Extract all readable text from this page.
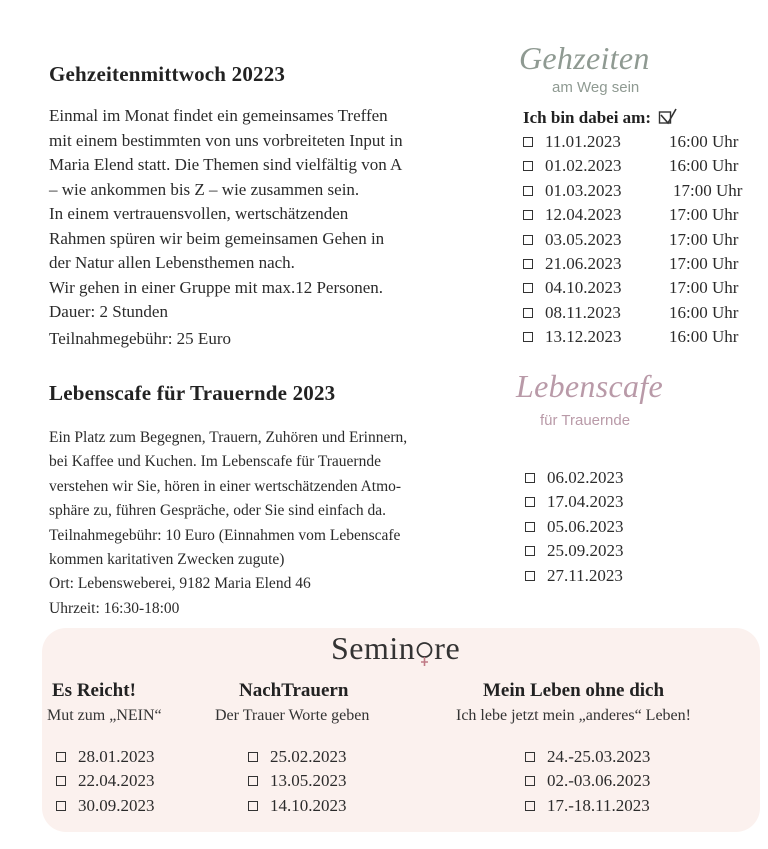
Gehzeitenmittwoch 20223
Einmal im Monat findet ein gemeinsames Treffen
mit einem bestimmten von uns vorbreiteten Input in
Maria Elend statt. Die Themen sind vielfältig von A
– wie ankommen bis Z – wie zusammen sein.
In einem vertrauensvollen, wertschätzenden
Rahmen spüren wir beim gemeinsamen Gehen in
der Natur allen Lebensthemen nach.
Wir gehen in einer Gruppe mit max.12 Personen.
Dauer: 2 Stunden
Teilnahmegebühr: 25 Euro
Gehzeiten
am Weg sein
Ich bin dabei am:
11.01.2023	16:00 Uhr
01.02.2023	16:00 Uhr
01.03.2023	17:00 Uhr
12.04.2023	17:00 Uhr
03.05.2023	17:00 Uhr
21.06.2023	17:00 Uhr
04.10.2023	17:00 Uhr
08.11.2023	16:00 Uhr
13.12.2023	16:00 Uhr
Lebenscafe für Trauernde 2023
Ein Platz zum Begegnen, Trauern, Zuhören und Erinnern,
bei Kaffee und Kuchen. Im Lebenscafe für Trauernde
verstehen wir Sie, hören in einer wertschätzenden Atmo-
sphäre zu, führen Gespräche, oder Sie sind einfach da.
Teilnahmegebühr: 10 Euro (Einnahmen vom Lebenscafe
kommen karitativen Zwecken zugute)
Ort: Lebensweberei, 9182 Maria Elend 46
Uhrzeit: 16:30-18:00
Lebenscafe
für Trauernde
06.02.2023
17.04.2023
05.06.2023
25.09.2023
27.11.2023
Semin re
Es Reicht!
Mut zum „NEIN“
28.01.2023
22.04.2023
30.09.2023
NachTrauern
Der Trauer Worte geben
25.02.2023
13.05.2023
14.10.2023
Mein Leben ohne dich
Ich lebe jetzt mein „anderes“ Leben!
24.-25.03.2023
02.-03.06.2023
17.-18.11.2023
